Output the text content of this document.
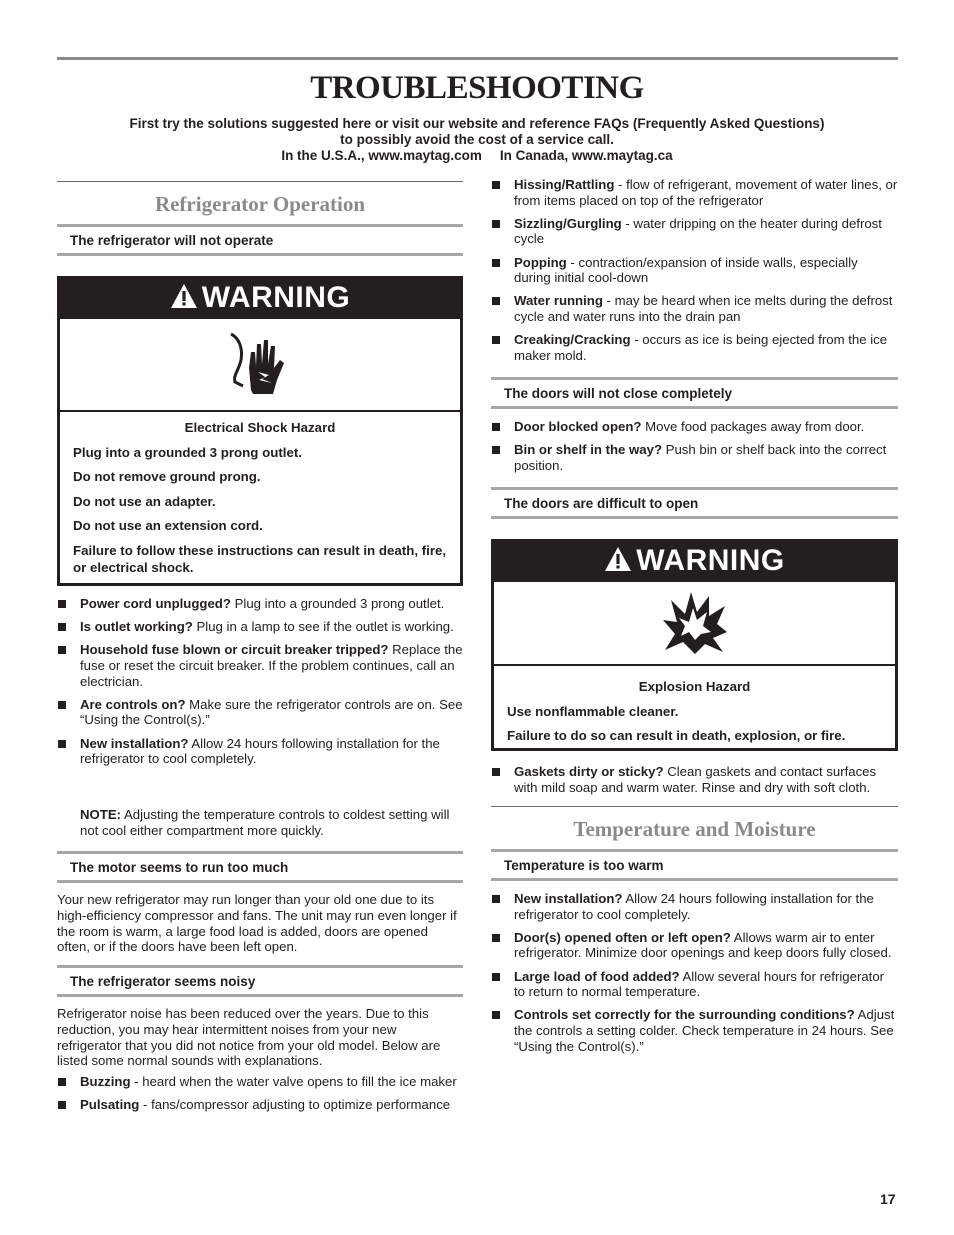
TROUBLESHOOTING
First try the solutions suggested here or visit our website and reference FAQs (Frequently Asked Questions)
to possibly avoid the cost of a service call.
In the U.S.A., www.maytag.com In Canada, www.maytag.ca
Refrigerator Operation
The refrigerator will not operate
WARNING

Electrical Shock Hazard

Plug into a grounded 3 prong outlet.

Do not remove ground prong.

Do not use an adapter.

Do not use an extension cord.

Failure to follow these instructions can result in death, fire, or electrical shock.

Power cord unplugged? Plug into a grounded 3 prong outlet.
Is outlet working? Plug in a lamp to see if the outlet is working.
Household fuse blown or circuit breaker tripped? Replace the fuse or reset the circuit breaker. If the problem continues, call an electrician.
Are controls on? Make sure the refrigerator controls are on. See “Using the Control(s).”
New installation? Allow 24 hours following installation for the refrigerator to cool completely.

NOTE: Adjusting the temperature controls to coldest setting will not cool either compartment more quickly.

The motor seems to run too much

Your new refrigerator may run longer than your old one due to its high-efficiency compressor and fans. The unit may run even longer if the room is warm, a large food load is added, doors are opened often, or if the doors have been left open.

The refrigerator seems noisy

Refrigerator noise has been reduced over the years. Due to this reduction, you may hear intermittent noises from your new refrigerator that you did not notice from your old model. Below are listed some normal sounds with explanations.

Buzzing - heard when the water valve opens to fill the ice maker
Pulsating - fans/compressor adjusting to optimize performance
Hissing/Rattling - flow of refrigerant, movement of water lines, or from items placed on top of the refrigerator
Sizzling/Gurgling - water dripping on the heater during defrost cycle
Popping - contraction/expansion of inside walls, especially during initial cool-down
Water running - may be heard when ice melts during the defrost cycle and water runs into the drain pan
Creaking/Cracking - occurs as ice is being ejected from the ice maker mold.
The doors will not close completely
Door blocked open? Move food packages away from door.
Bin or shelf in the way? Push bin or shelf back into the correct position.
The doors are difficult to open
WARNING

Explosion Hazard

Use nonflammable cleaner.

Failure to do so can result in death, explosion, or fire.

Gaskets dirty or sticky? Clean gaskets and contact surfaces with mild soap and warm water. Rinse and dry with soft cloth.
Temperature and Moisture
Temperature is too warm
New installation? Allow 24 hours following installation for the refrigerator to cool completely.
Door(s) opened often or left open? Allows warm air to enter refrigerator. Minimize door openings and keep doors fully closed.
Large load of food added? Allow several hours for refrigerator to return to normal temperature.
Controls set correctly for the surrounding conditions? Adjust the controls a setting colder. Check temperature in 24 hours. See “Using the Control(s).”
17
